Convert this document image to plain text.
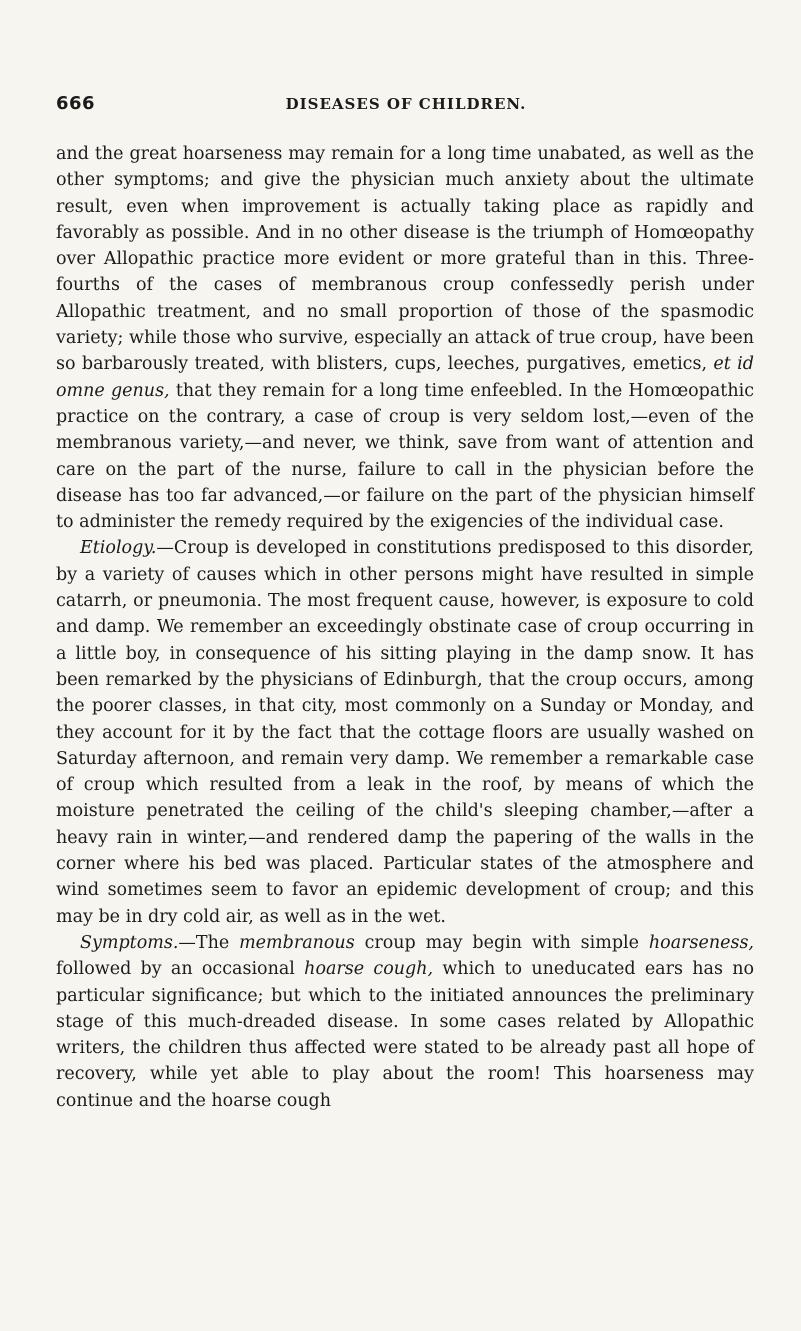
666	DISEASES OF CHILDREN.

and the great hoarseness may remain for a long time unabated, as well as the other symptoms; and give the physician much anxiety about the ultimate result, even when improvement is actually taking place as rapidly and favorably as possible. And in no other disease is the triumph of Homœopathy over Allopathic practice more evident or more grateful than in this. Three-fourths of the cases of membranous croup confessedly perish under Allopathic treatment, and no small proportion of those of the spasmodic variety; while those who survive, especially an attack of true croup, have been so barbarously treated, with blisters, cups, leeches, purgatives, emetics, et id omne genus, that they remain for a long time enfeebled. In the Homœopathic practice on the contrary, a case of croup is very seldom lost,—even of the membranous variety,—and never, we think, save from want of attention and care on the part of the nurse, failure to call in the physician before the disease has too far advanced,—or failure on the part of the physician himself to administer the remedy required by the exigencies of the individual case.

Etiology.—Croup is developed in constitutions predisposed to this disorder, by a variety of causes which in other persons might have resulted in simple catarrh, or pneumonia. The most frequent cause, however, is exposure to cold and damp. We remember an exceedingly obstinate case of croup occurring in a little boy, in consequence of his sitting playing in the damp snow. It has been remarked by the physicians of Edinburgh, that the croup occurs, among the poorer classes, in that city, most commonly on a Sunday or Monday, and they account for it by the fact that the cottage floors are usually washed on Saturday afternoon, and remain very damp. We remember a remarkable case of croup which resulted from a leak in the roof, by means of which the moisture penetrated the ceiling of the child's sleeping chamber,—after a heavy rain in winter,—and rendered damp the papering of the walls in the corner where his bed was placed. Particular states of the atmosphere and wind sometimes seem to favor an epidemic development of croup; and this may be in dry cold air, as well as in the wet.

Symptoms.—The membranous croup may begin with simple hoarseness, followed by an occasional hoarse cough, which to uneducated ears has no particular significance; but which to the initiated announces the preliminary stage of this much-dreaded disease. In some cases related by Allopathic writers, the children thus affected were stated to be already past all hope of recovery, while yet able to play about the room! This hoarseness may continue and the hoarse cough
